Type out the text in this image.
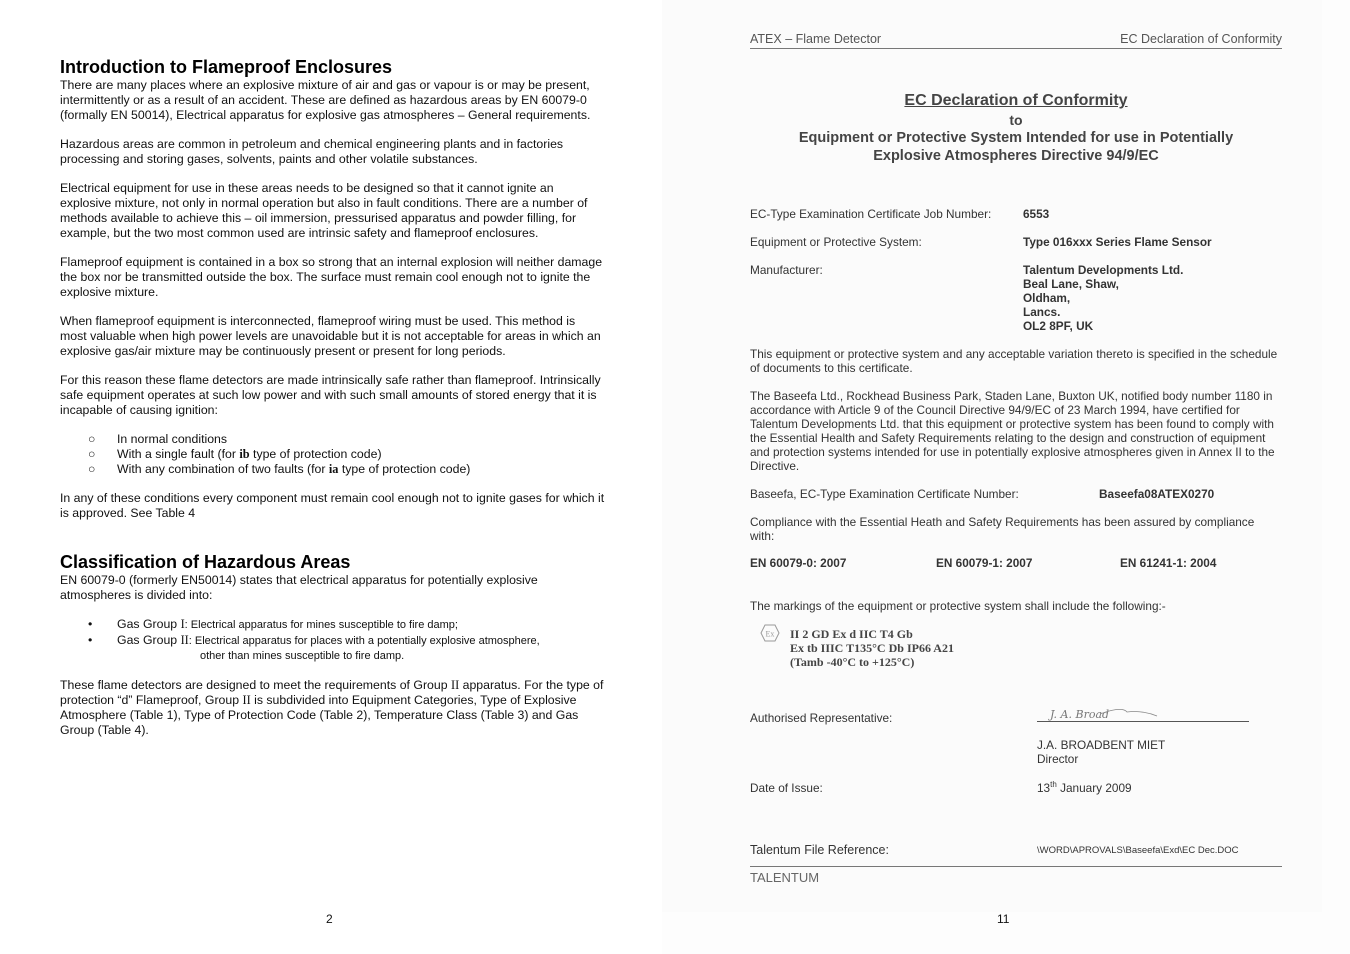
Introduction to Flameproof Enclosures

There are many places where an explosive mixture of air and gas or vapour is or may be present, intermittently or as a result of an accident. These are defined as hazardous areas by EN 60079-0 (formally EN 50014), Electrical apparatus for explosive gas atmospheres – General requirements.

Hazardous areas are common in petroleum and chemical engineering plants and in factories processing and storing gases, solvents, paints and other volatile substances.

Electrical equipment for use in these areas needs to be designed so that it cannot ignite an explosive mixture, not only in normal operation but also in fault conditions. There are a number of methods available to achieve this – oil immersion, pressurised apparatus and powder filling, for example, but the two most common used are intrinsic safety and flameproof enclosures.

Flameproof equipment is contained in a box so strong that an internal explosion will neither damage the box nor be transmitted outside the box. The surface must remain cool enough not to ignite the explosive mixture.

When flameproof equipment is interconnected, flameproof wiring must be used. This method is most valuable when high power levels are unavoidable but it is not acceptable for areas in which an explosive gas/air mixture may be continuously present or present for long periods.

For this reason these flame detectors are made intrinsically safe rather than flameproof. Intrinsically safe equipment operates at such low power and with such small amounts of stored energy that it is incapable of causing ignition:

○ In normal conditions
○ With a single fault (for ib type of protection code)
○ With any combination of two faults (for ia type of protection code)

In any of these conditions every component must remain cool enough not to ignite gases for which it is approved. See Table 4

Classification of Hazardous Areas

EN 60079-0 (formerly EN50014) states that electrical apparatus for potentially explosive atmospheres is divided into:

• Gas Group I: Electrical apparatus for mines susceptible to fire damp;
• Gas Group II: Electrical apparatus for places with a potentially explosive atmosphere,
other than mines susceptible to fire damp.

These flame detectors are designed to meet the requirements of Group II apparatus. For the type of protection “d” Flameproof, Group II is subdivided into Equipment Categories, Type of Explosive Atmosphere (Table 1), Type of Protection Code (Table 2), Temperature Class (Table 3) and Gas Group (Table 4).

2
ATEX – Flame Detector	EC Declaration of Conformity
EC Declaration of Conformity
to
Equipment or Protective System Intended for use in Potentially
Explosive Atmospheres Directive 94/9/EC
EC-Type Examination Certificate Job Number:	6553
Equipment or Protective System:	Type 016xxx Series Flame Sensor
Manufacturer:	Talentum Developments Ltd.
Beal Lane, Shaw,
Oldham,
Lancs.
OL2 8PF, UK
This equipment or protective system and any acceptable variation thereto is specified in the schedule of documents to this certificate.
The Baseefa Ltd., Rockhead Business Park, Staden Lane, Buxton UK, notified body number 1180 in accordance with Article 9 of the Council Directive 94/9/EC of 23 March 1994, have certified for Talentum Developments Ltd. that this equipment or protective system has been found to comply with the Essential Health and Safety Requirements relating to the design and construction of equipment and protection systems intended for use in potentially explosive atmospheres given in Annex II to the Directive.
Baseefa, EC-Type Examination Certificate Number:	Baseefa08ATEX0270
Compliance with the Essential Heath and Safety Requirements has been assured by compliance with:
EN 60079-0: 2007	EN 60079-1: 2007	EN 61241-1: 2004
The markings of the equipment or protective system shall include the following:-
Ex II 2 GD Ex d IIC T4 Gb
Ex tb IIIC T135°C Db IP66 A21
(Tamb -40°C to +125°C)
Authorised Representative:	J. A. Broad
J.A. BROADBENT MIET
Director
Date of Issue:	13th January 2009
Talentum File Reference:	\WORD\APROVALS\Baseefa\Exd\EC Dec.DOC
TALENTUM
11
